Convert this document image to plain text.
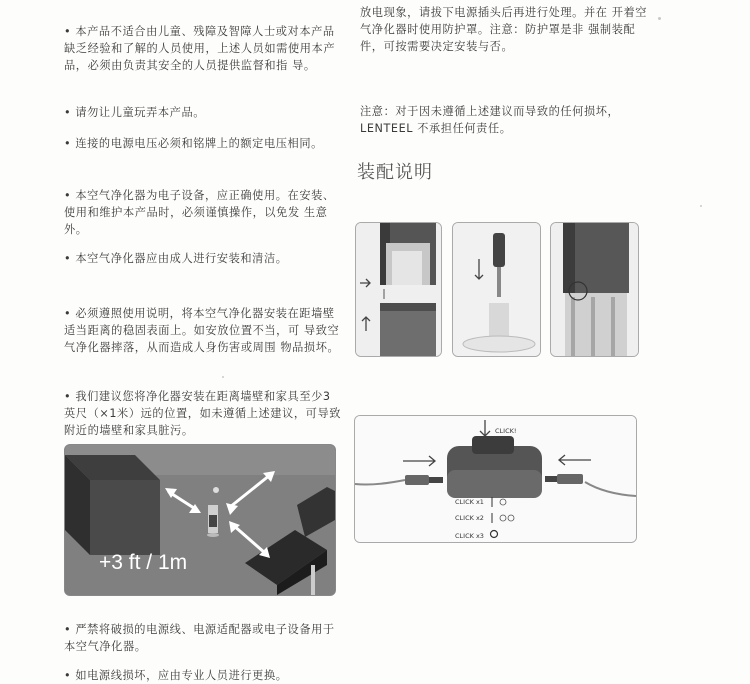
• 本产品不适合由儿童、残障及智障人士或对本产品缺乏经验和了解的人员使用，上述人员如需使用本产品，必须由负责其安全的人员提供监督和指 导。

• 请勿让儿童玩弄本产品。

• 连接的电源电压必须和铭牌上的额定电压相同。

• 本空气净化器为电子设备，应正确使用。在安装、使用和维护本产品时，必须谨慎操作，以免发 生意外。

• 本空气净化器应由成人进行安装和清洁。

• 必须遵照使用说明，将本空气净化器安装在距墙壁适当距离的稳固表面上。如安放位置不当，可 导致空气净化器摔落，从而造成人身伤害或周围 物品损坏。

• 我们建议您将净化器安装在距离墙壁和家具至少3英尺（×1米）远的位置，如未遵循上述建议，可导致附近的墙壁和家具脏污。

• 严禁将破损的电源线、电源适配器或电子设备用于本空气净化器。

• 如电源线损坏，应由专业人员进行更换。

+3 ft / 1m

放电现象，请拔下电源插头后再进行处理。并在 开着空气净化器时使用防护罩。注意：防护罩是非 强制装配件，可按需要决定安装与否。

注意：对于因未遵循上述建议而导致的任何损坏，LENTEEL 不承担任何责任。

装配说明
CLICK!
CLICK x1
CLICK x2
CLICK x3
